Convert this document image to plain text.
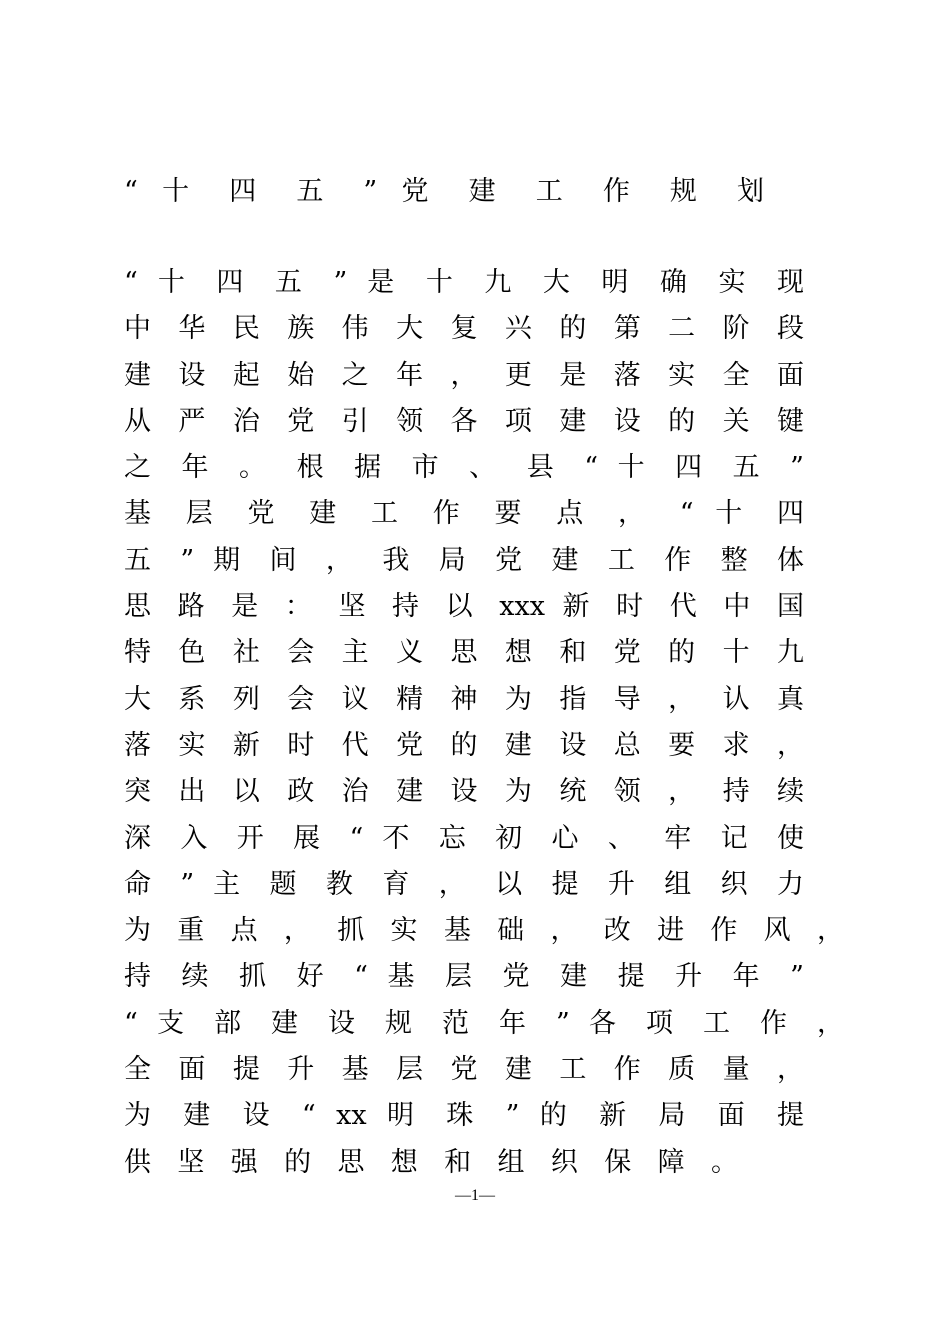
“ 十 四 五 ” 党 建 工 作 规 划
“ 十 四 五 ” 是 十 九 大 明 确 实 现
中 华 民 族 伟 大 复 兴 的 第 二 阶 段
建 设 起 始 之 年 ， 更 是 落 实 全 面
从 严 治 党 引 领 各 项 建 设 的 关 键
之 年 。 根 据 市 、 县 “ 十 四 五 ”
基 层 党 建 工 作 要 点 ， “ 十 四
五 ” 期 间 ， 我 局 党 建 工 作 整 体
思 路 是 ： 坚 持 以 xxx 新 时 代 中 国
特 色 社 会 主 义 思 想 和 党 的 十 九
大 系 列 会 议 精 神 为 指 导 ， 认 真
落 实 新 时 代 党 的 建 设 总 要 求 ，
突 出 以 政 治 建 设 为 统 领 ， 持 续
深 入 开 展 “ 不 忘 初 心 、 牢 记 使
命 ” 主 题 教 育 ， 以 提 升 组 织 力
为 重 点 ， 抓 实 基 础 ， 改 进 作 风 ，
持 续 抓 好 “ 基 层 党 建 提 升 年 ”
“ 支 部 建 设 规 范 年 ” 各 项 工 作 ，
全 面 提 升 基 层 党 建 工 作 质 量 ，
为 建 设 “ xx 明 珠 ” 的 新 局 面 提
供 坚 强 的 思 想 和 组 织 保 障 。
—1—
